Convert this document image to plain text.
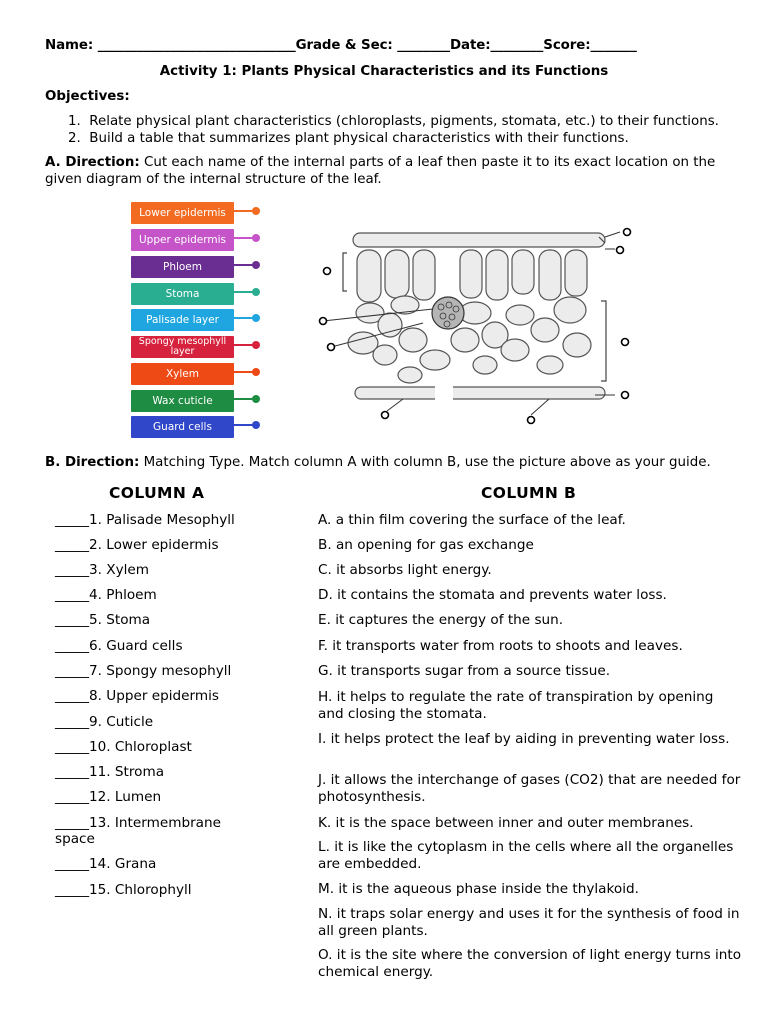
Name: ______________________________Grade & Sec: ________Date:________Score:_______
Activity 1: Plants Physical Characteristics and its Functions
Objectives:
1. Relate physical plant characteristics (chloroplasts, pigments, stomata, etc.) to their functions.
2. Build a table that summarizes plant physical characteristics with their functions.
A. Direction: Cut each name of the internal parts of a leaf then paste it to its exact location on the given diagram of the internal structure of the leaf.
Lower epidermis
Upper epidermis
Phloem
Stoma
Palisade layer
Spongy mesophyll layer
Xylem
Wax cuticle
Guard cells
B. Direction: Matching Type. Match column A with column B, use the picture above as your guide.
COLUMN A	COLUMN B
_____1. Palisade Mesophyll
_____2. Lower epidermis
_____3. Xylem
_____4. Phloem
_____5. Stoma
_____6. Guard cells
_____7. Spongy mesophyll
_____8. Upper epidermis
_____9. Cuticle
_____10. Chloroplast
_____11. Stroma
_____12. Lumen
_____13. Intermembrane
space
_____14. Grana
_____15. Chlorophyll
A. a thin film covering the surface of the leaf.
B. an opening for gas exchange
C. it absorbs light energy.
D. it contains the stomata and prevents water loss.
E. it captures the energy of the sun.
F. it transports water from roots to shoots and leaves.
G. it transports sugar from a source tissue.
H. it helps to regulate the rate of transpiration by opening and closing the stomata.
I. it helps protect the leaf by aiding in preventing water loss.
J. it allows the interchange of gases (CO2) that are needed for photosynthesis.
K. it is the space between inner and outer membranes.
L. it is like the cytoplasm in the cells where all the organelles are embedded.
M. it is the aqueous phase inside the thylakoid.
N. it traps solar energy and uses it for the synthesis of food in all green plants.
O. it is the site where the conversion of light energy turns into chemical energy.
